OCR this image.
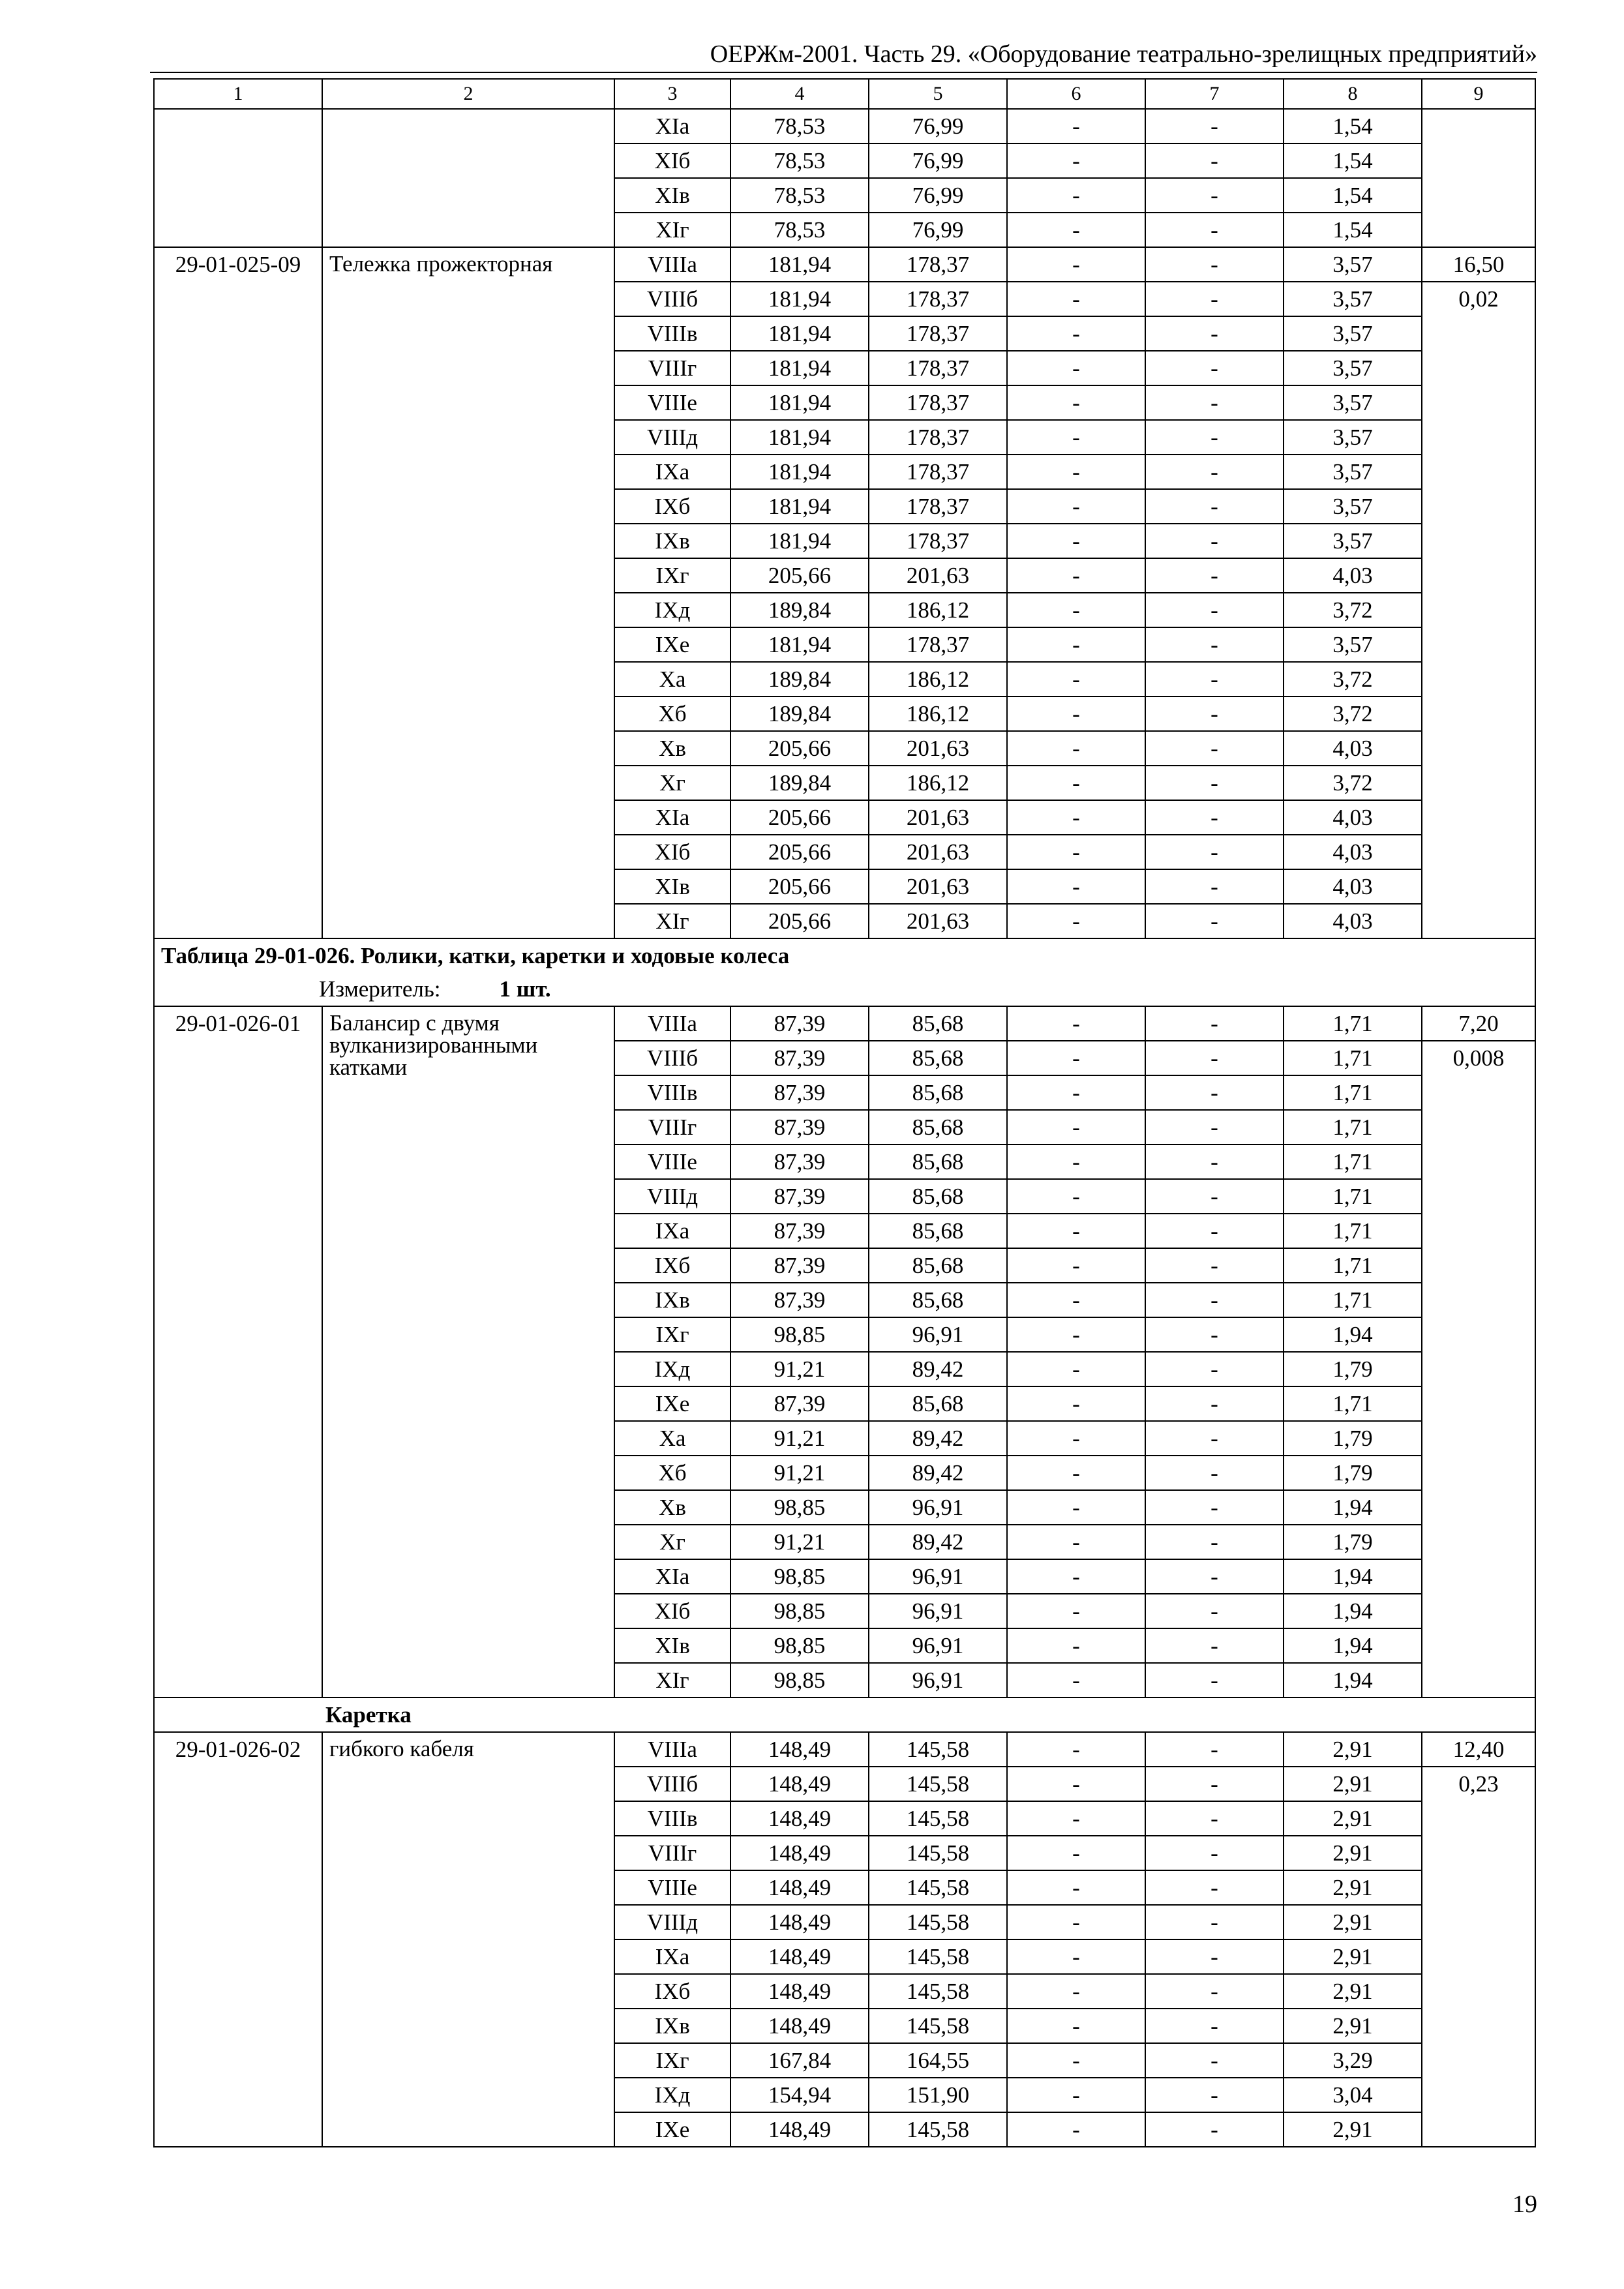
ОЕРЖм-2001. Часть 29. «Оборудование театрально-зрелищных предприятий»
1	2	3	4	5	6	7	8	9
		XIa	78,53	76,99	-	-	1,54	
		XIб	78,53	76,99	-	-	1,54	
		XIв	78,53	76,99	-	-	1,54	
		XIг	78,53	76,99	-	-	1,54	
29-01-025-09	Тележка прожекторная	VIIIa	181,94	178,37	-	-	3,57	16,50
		VIIIб	181,94	178,37	-	-	3,57	0,02
		VIIIв	181,94	178,37	-	-	3,57	
		VIIIг	181,94	178,37	-	-	3,57	
		VIIIe	181,94	178,37	-	-	3,57	
		VIIIд	181,94	178,37	-	-	3,57	
		IXa	181,94	178,37	-	-	3,57	
		IXб	181,94	178,37	-	-	3,57	
		IXв	181,94	178,37	-	-	3,57	
		IXг	205,66	201,63	-	-	4,03	
		IXд	189,84	186,12	-	-	3,72	
		IXe	181,94	178,37	-	-	3,57	
		Xa	189,84	186,12	-	-	3,72	
		Xб	189,84	186,12	-	-	3,72	
		Xв	205,66	201,63	-	-	4,03	
		Xг	189,84	186,12	-	-	3,72	
		XIa	205,66	201,63	-	-	4,03	
		XIб	205,66	201,63	-	-	4,03	
		XIв	205,66	201,63	-	-	4,03	
		XIг	205,66	201,63	-	-	4,03	
Таблица 29-01-026. Ролики, катки, каретки и ходовые колеса								
Измеритель: 1 шт.								
29-01-026-01	Балансир с двумя вулканизированными катками	VIIIa	87,39	85,68	-	-	1,71	7,20
		VIIIб	87,39	85,68	-	-	1,71	0,008
		VIIIв	87,39	85,68	-	-	1,71	
		VIIIг	87,39	85,68	-	-	1,71	
		VIIIe	87,39	85,68	-	-	1,71	
		VIIIд	87,39	85,68	-	-	1,71	
		IXa	87,39	85,68	-	-	1,71	
		IXб	87,39	85,68	-	-	1,71	
		IXв	87,39	85,68	-	-	1,71	
		IXг	98,85	96,91	-	-	1,94	
		IXд	91,21	89,42	-	-	1,79	
		IXe	87,39	85,68	-	-	1,71	
		Xa	91,21	89,42	-	-	1,79	
		Xб	91,21	89,42	-	-	1,79	
		Xв	98,85	96,91	-	-	1,94	
		Xг	91,21	89,42	-	-	1,79	
		XIa	98,85	96,91	-	-	1,94	
		XIб	98,85	96,91	-	-	1,94	
		XIв	98,85	96,91	-	-	1,94	
		XIг	98,85	96,91	-	-	1,94	
Каретка								
29-01-026-02	гибкого кабеля	VIIIa	148,49	145,58	-	-	2,91	12,40
		VIIIб	148,49	145,58	-	-	2,91	0,23
		VIIIв	148,49	145,58	-	-	2,91	
		VIIIг	148,49	145,58	-	-	2,91	
		VIIIe	148,49	145,58	-	-	2,91	
		VIIIд	148,49	145,58	-	-	2,91	
		IXa	148,49	145,58	-	-	2,91	
		IXб	148,49	145,58	-	-	2,91	
		IXв	148,49	145,58	-	-	2,91	
		IXг	167,84	164,55	-	-	3,29	
		IXд	154,94	151,90	-	-	3,04	
		IXe	148,49	145,58	-	-	2,91	
19
